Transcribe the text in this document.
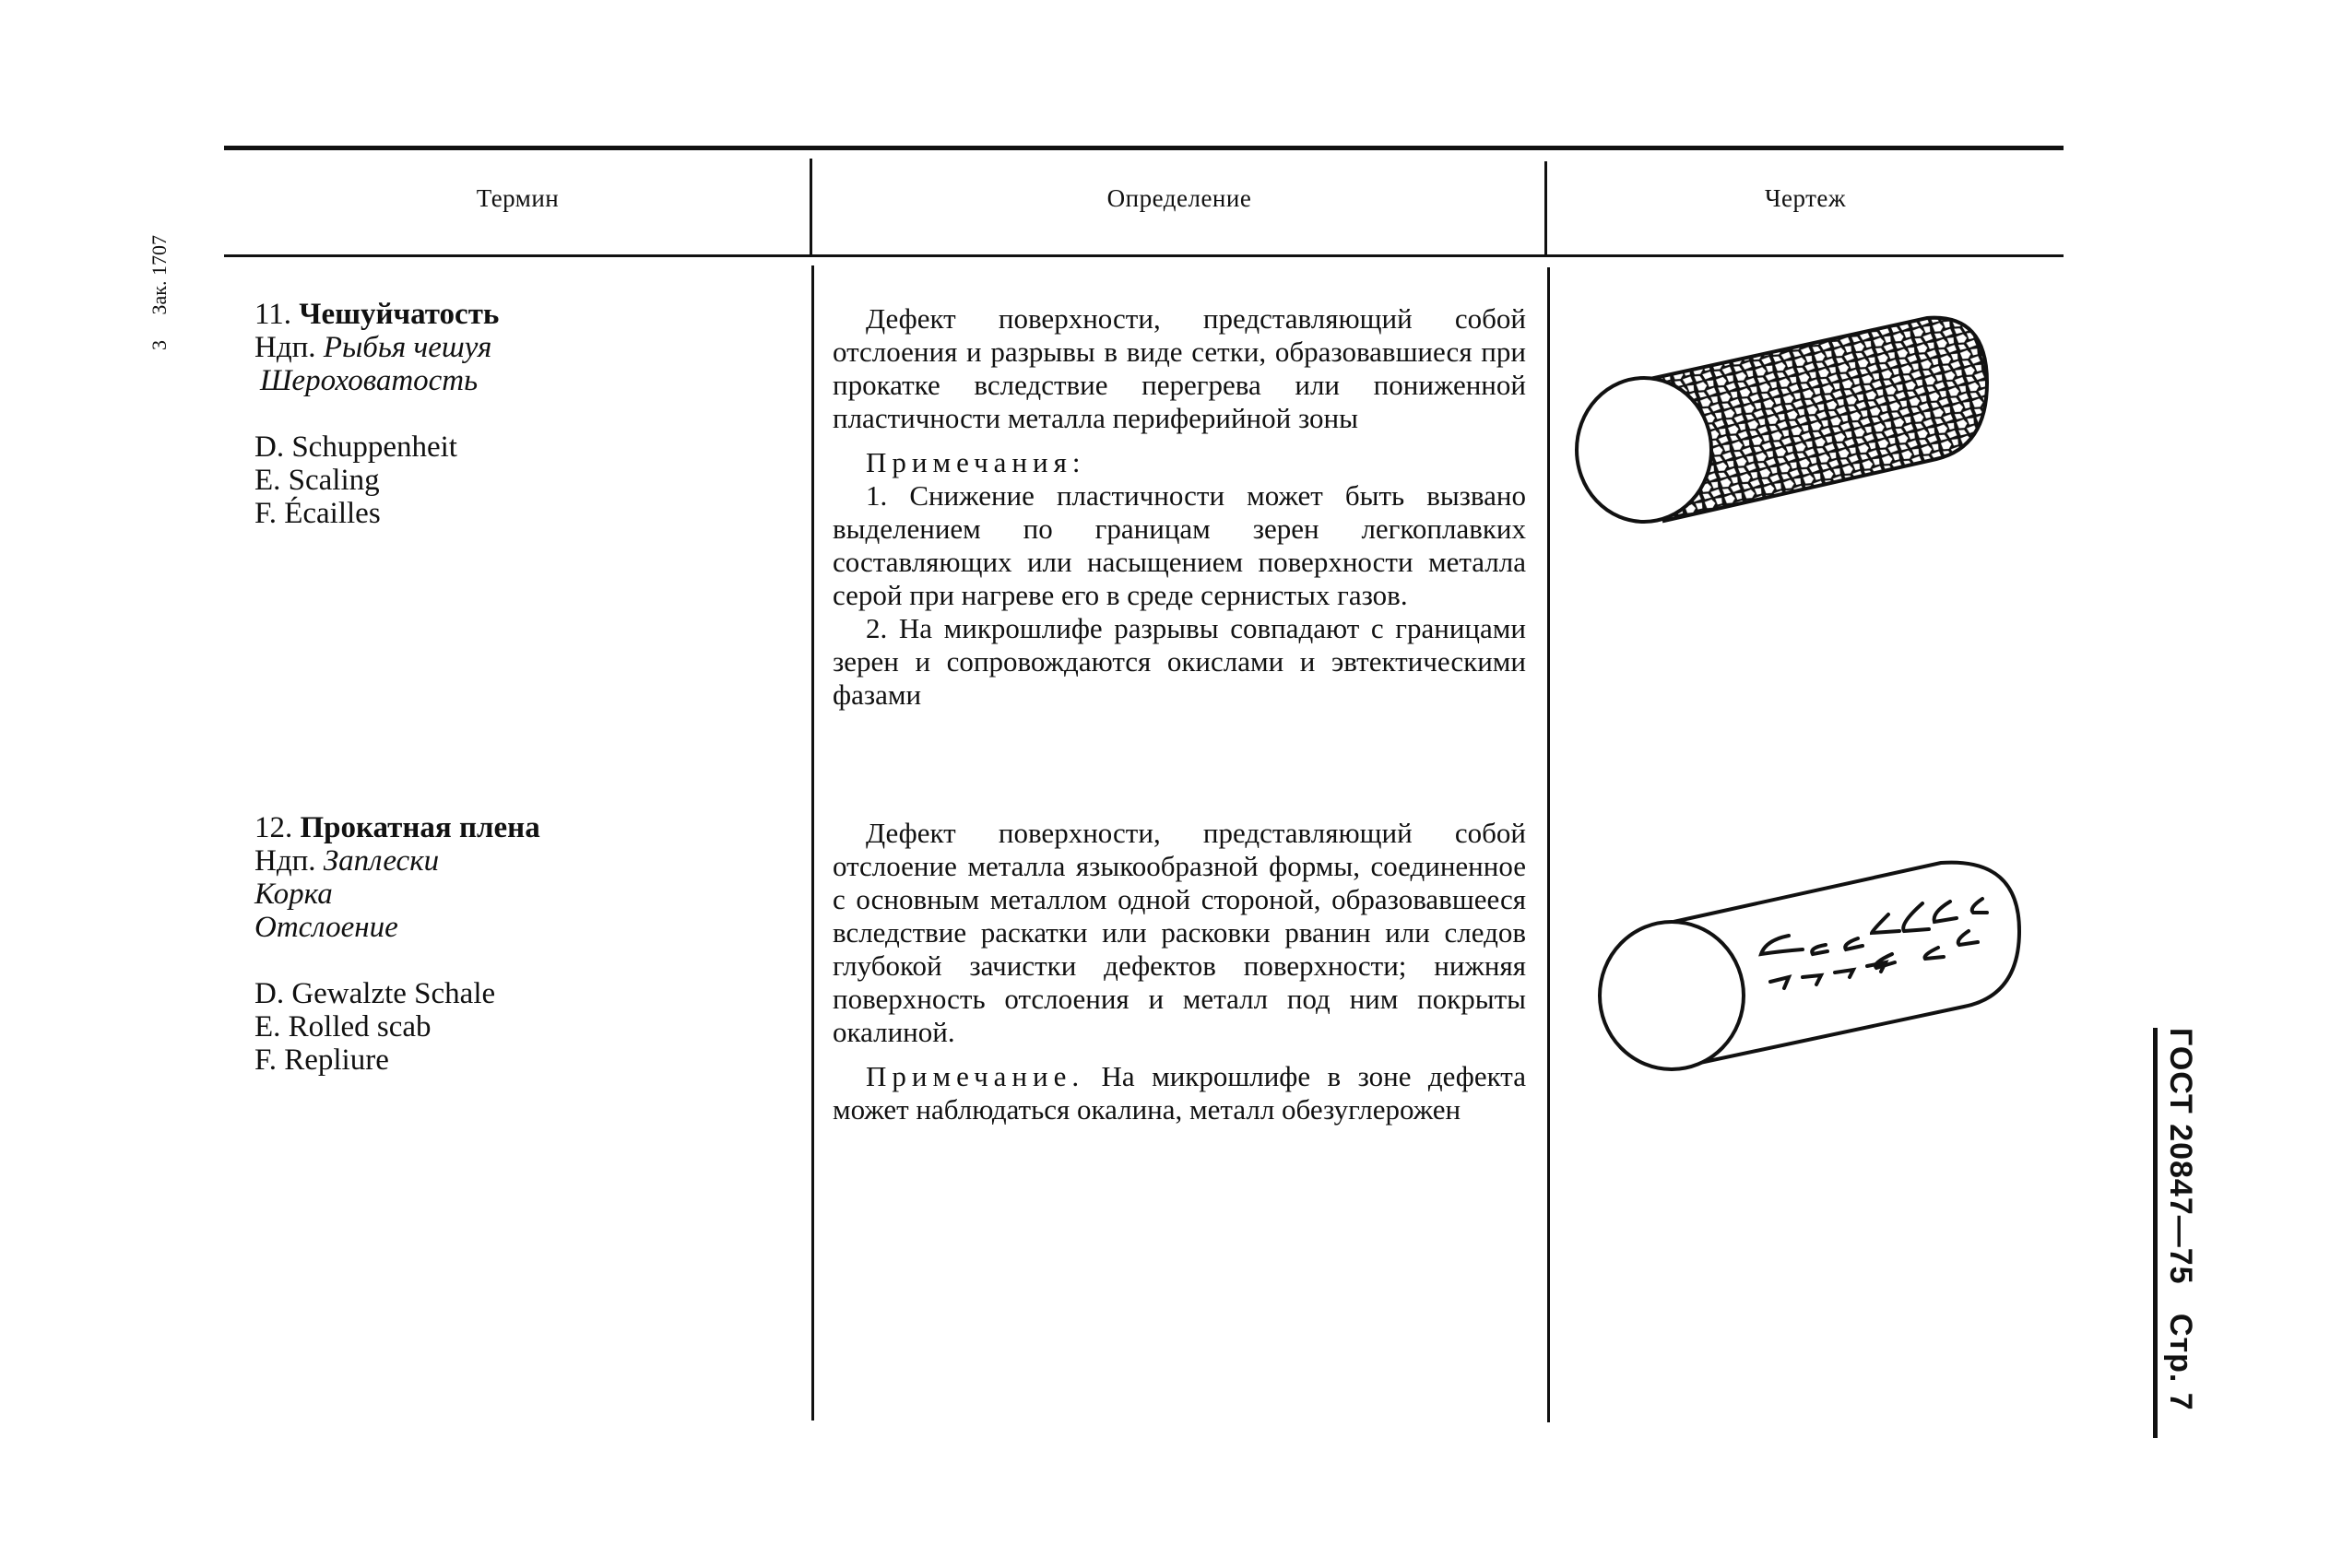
3     Зак. 1707
ГОСТ 20847—75   Стр. 7
Термин	Определение	Чертеж
11. Чешуйчатость
Ндп. Рыбья чешуя
Шероховатость
D. Schuppenheit
E. Scaling
F. Écailles

Дефект поверхности, представляющий собой отслоения и разрывы в виде сетки, образовавшиеся при прокатке вследствие перегрева или пониженной пластичности металла периферийной зоны

Примечания:

1. Снижение пластичности может быть вызвано выделением по границам зерен легкоплавких составляющих или насыщением поверхности металла серой при нагреве его в среде сернистых газов.

2. На микрошлифе разрывы совпадают с границами зерен и сопровождаются окислами и эвтектическими фазами

12. Прокатная плена
Ндп. Заплески
Корка
Отслоение
D. Gewalzte Schale
E. Rolled scab
F. Repliure

Дефект поверхности, представляющий собой отслоение металла языкообразной формы, соединенное с основным металлом одной стороной, образовавшееся вследствие раскатки или расковки рванин или следов глубокой зачистки дефектов поверхности; нижняя поверхность отслоения и металл под ним покрыты окалиной.

Примечание. На микрошлифе в зоне дефекта может наблюдаться окалина, металл обезуглерожен
